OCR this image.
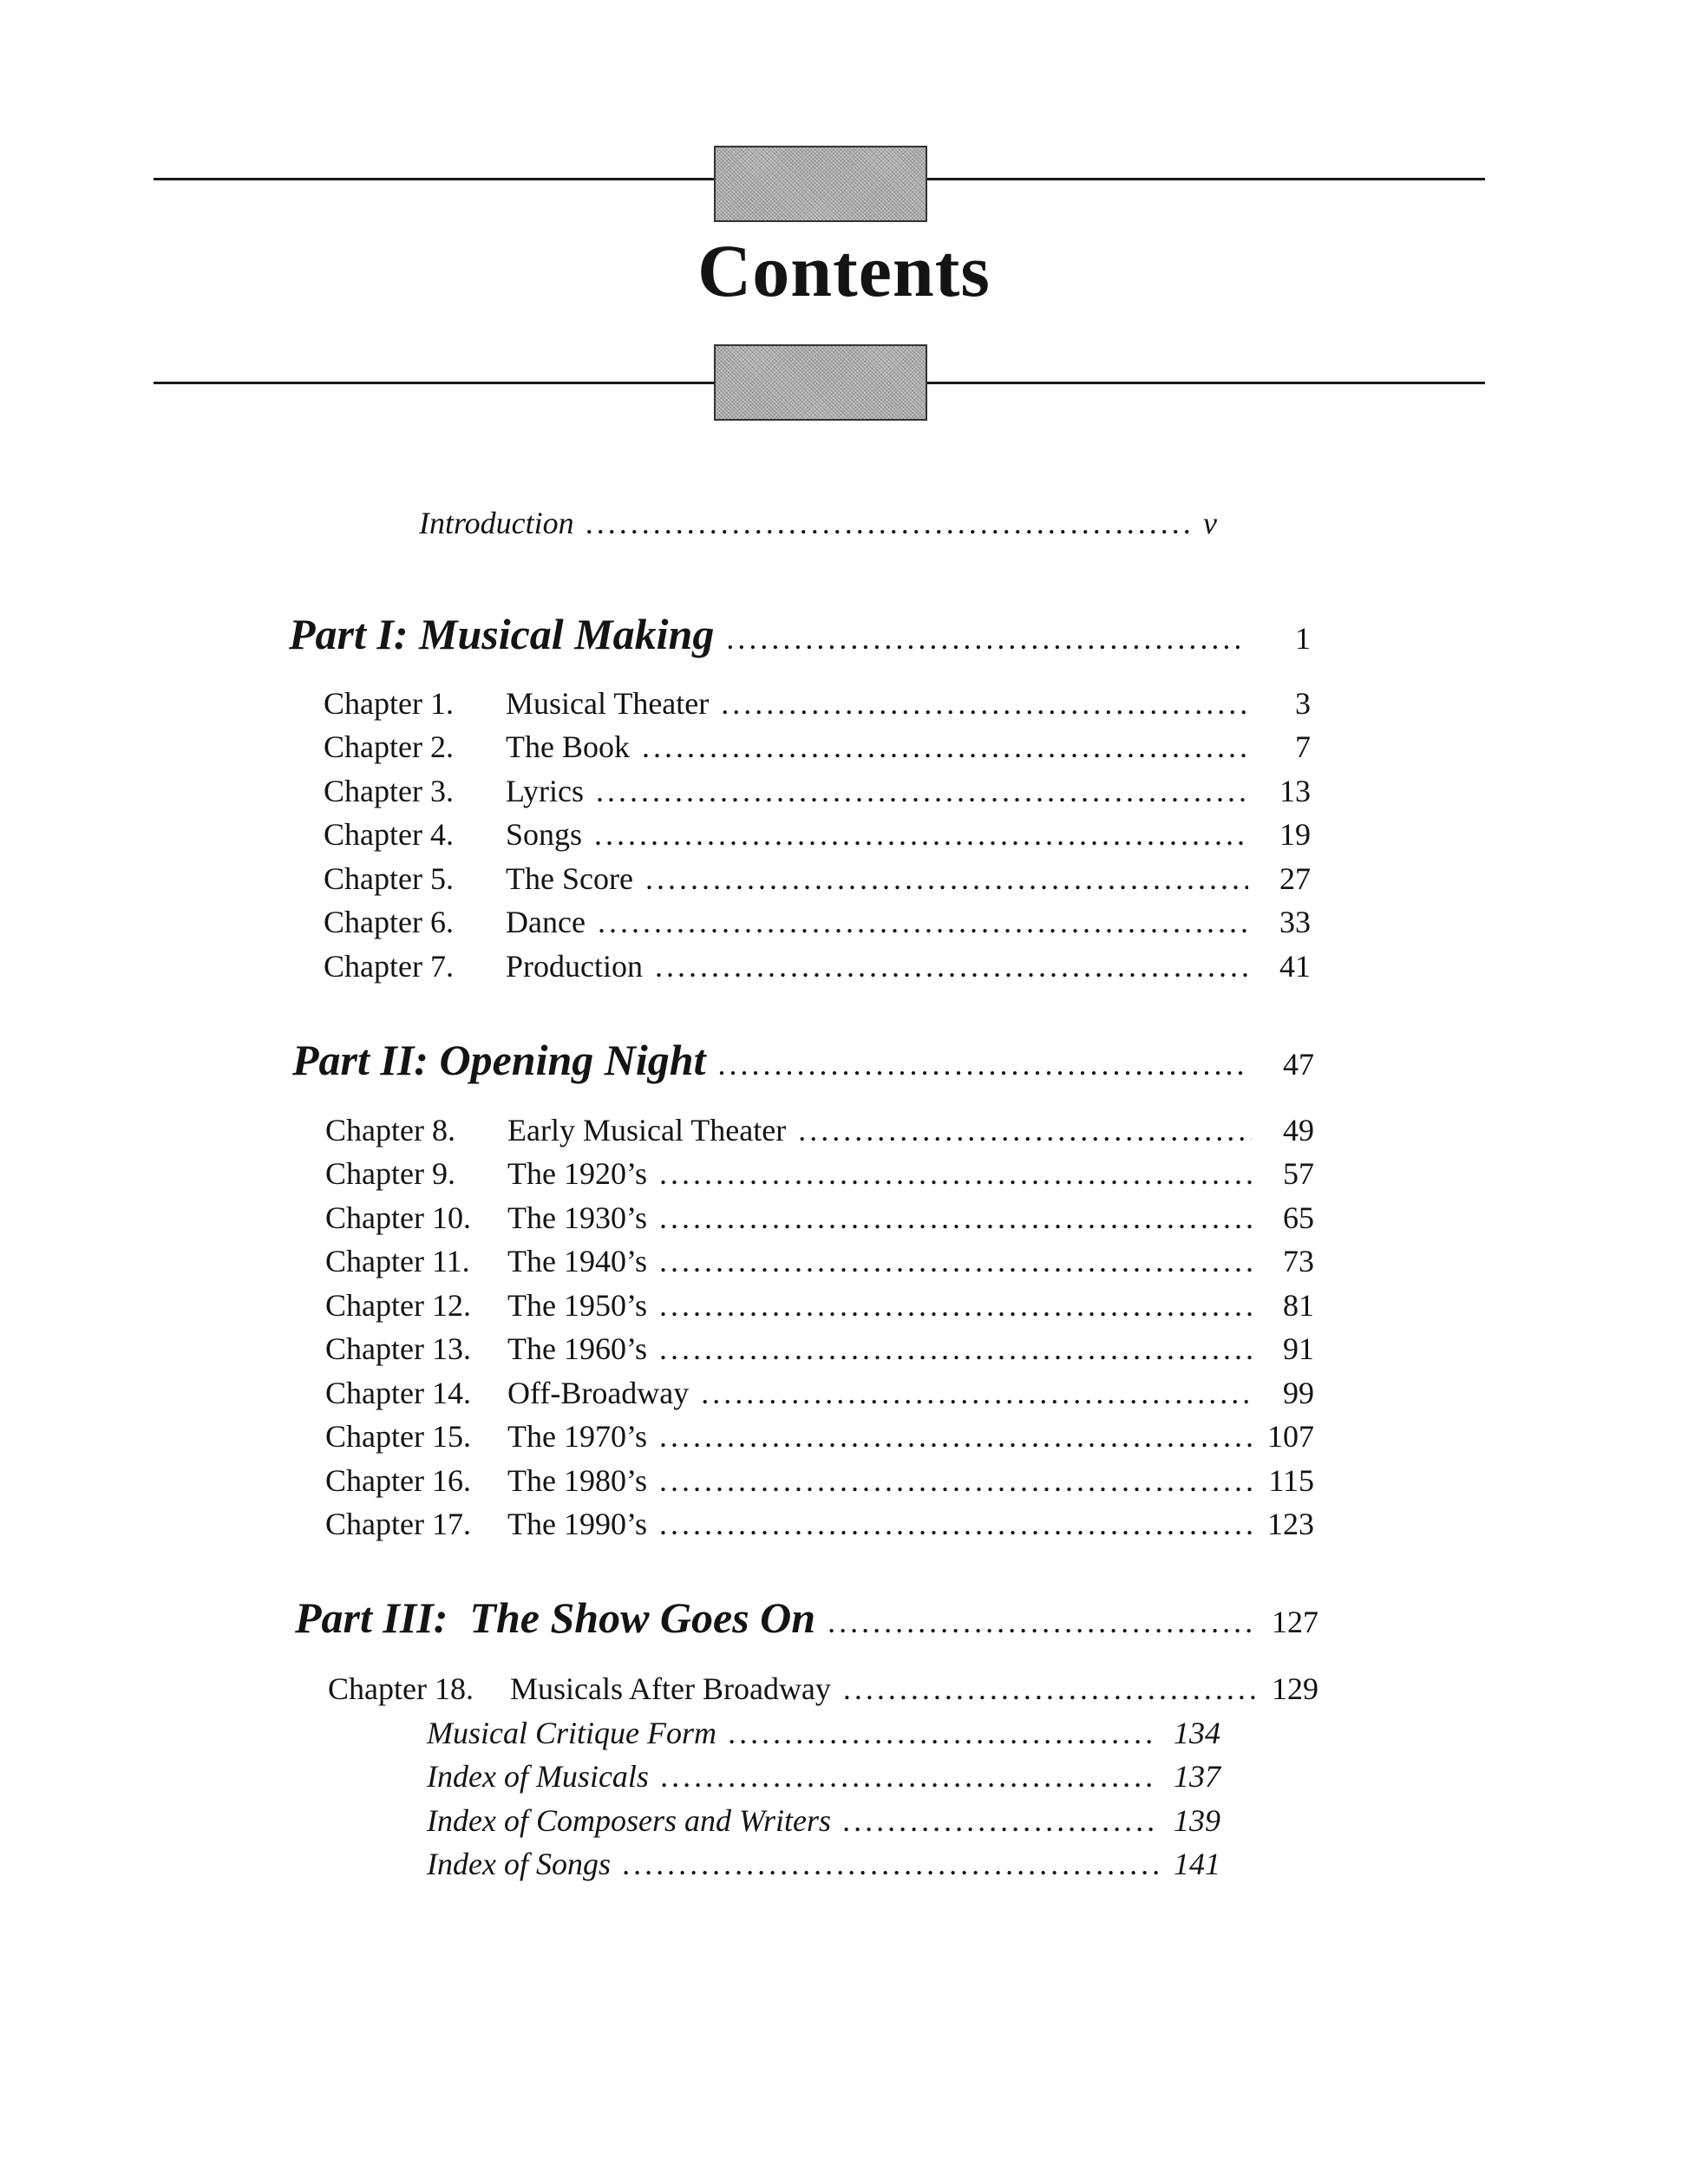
Contents
Introduction .....	v
Part I: Musical Making .....	1
Chapter 1.	Musical Theater .....	3
Chapter 2.	The Book .....	7
Chapter 3.	Lyrics .....	13
Chapter 4.	Songs .....	19
Chapter 5.	The Score .....	27
Chapter 6.	Dance .....	33
Chapter 7.	Production .....	41
Part II: Opening Night .....	47
Chapter 8.	Early Musical Theater .....	49
Chapter 9.	The 1920’s .....	57
Chapter 10.	The 1930’s .....	65
Chapter 11.	The 1940’s .....	73
Chapter 12.	The 1950’s .....	81
Chapter 13.	The 1960’s .....	91
Chapter 14.	Off-Broadway .....	99
Chapter 15.	The 1970’s .....	107
Chapter 16.	The 1980’s .....	115
Chapter 17.	The 1990’s .....	123
Part III:  The Show Goes On .....	127
Chapter 18.	Musicals After Broadway .....	129
Musical Critique Form .....	134
Index of Musicals .....	137
Index of Composers and Writers .....	139
Index of Songs .....	141
